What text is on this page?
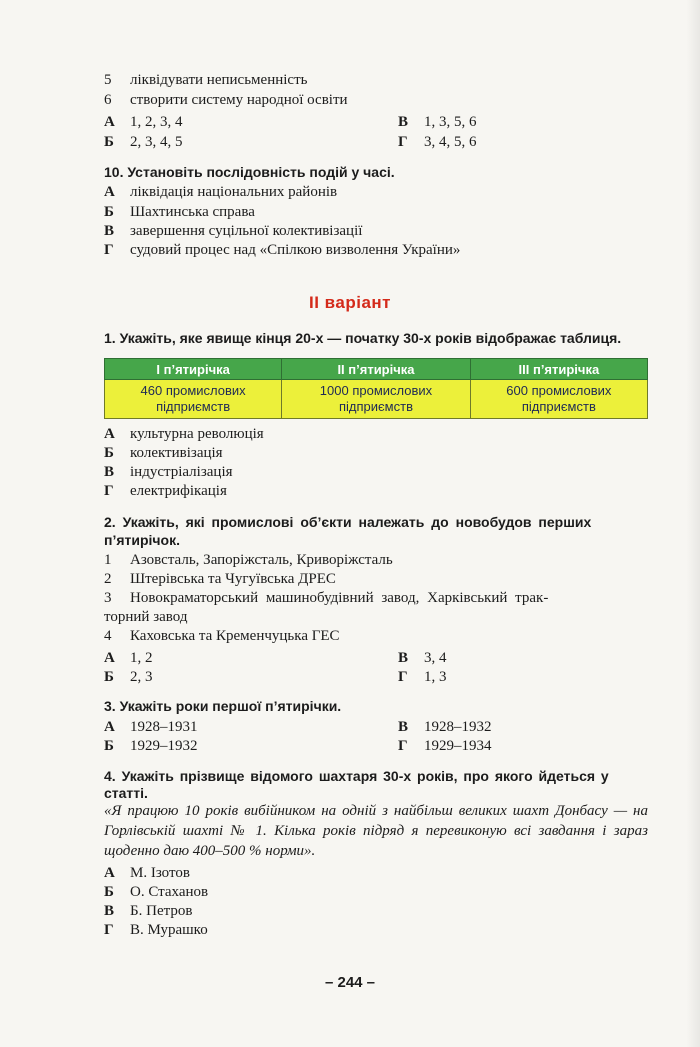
5 ліквідувати неписьменність
6 створити систему народної освіти
А 1, 2, 3, 4	В 1, 3, 5, 6
Б 2, 3, 4, 5	Г 3, 4, 5, 6
10. Установіть послідовність подій у часі.
А ліквідація національних районів
Б Шахтинська справа
В завершення суцільної колективізації
Г судовий процес над «Спілкою визволення України»
ІІ варіант
1. Укажіть, яке явище кінця 20-х — початку 30-х років відображає таблиця.
І п’ятирічка	ІІ п’ятирічка	ІІІ п’ятирічка
460 промислових
підприємств	1000 промислових
підприємств	600 промислових
підприємств
А культурна революція
Б колективізація
В індустріалізація
Г електрифікація
2. Укажіть, які промислові об’єкти належать до новобудов перших
п’ятирічок.
1 Азовсталь, Запоріжсталь, Криворіжсталь
2 Штерівська та Чугуївська ДРЕС
3 Новокраматорський машинобудівний завод, Харківський трак-
торний завод
4 Каховська та Кременчуцька ГЕС
А 1, 2	В 3, 4
Б 2, 3	Г 1, 3
3. Укажіть роки першої п’ятирічки.
А 1928–1931	В 1928–1932
Б 1929–1932	Г 1929–1934
4. Укажіть прізвище відомого шахтаря 30-х років, про якого йдеться у
статті.
«Я працюю 10 років вибійником на одній з найбільш великих шахт Донбасу — на Горлівській шахті № 1. Кілька років підряд я перевиконую всі завдання і зараз щоденно даю 400–500 % норми».
А М. Ізотов
Б О. Стаханов
В Б. Петров
Г В. Мурашко
– 244 –
